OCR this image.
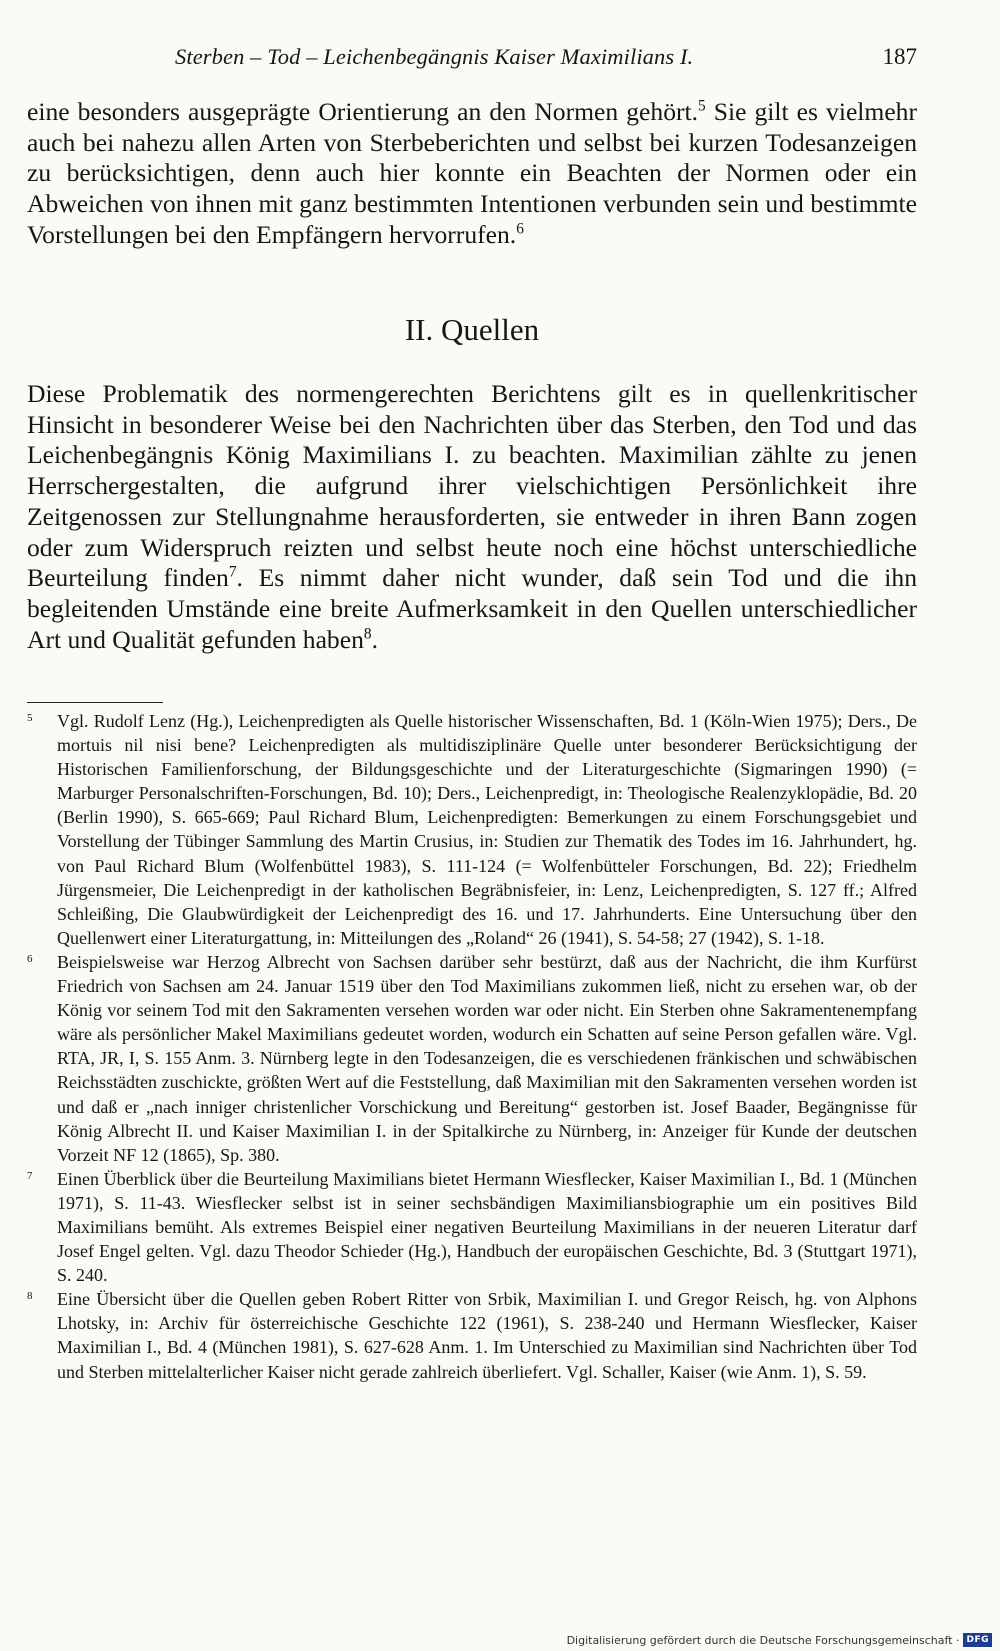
Sterben – Tod – Leichenbegängnis Kaiser Maximilians I.	187

eine besonders ausgeprägte Orientierung an den Normen gehört.$^5$ Sie gilt es vielmehr auch bei nahezu allen Arten von Sterbeberichten und selbst bei kurzen Todesanzeigen zu berücksichtigen, denn auch hier konnte ein Beachten der Normen oder ein Abweichen von ihnen mit ganz bestimmten Intentionen verbunden sein und bestimmte Vorstellungen bei den Empfängern hervorrufen.$^6$

II. Quellen

Diese Problematik des normengerechten Berichtens gilt es in quellenkritischer Hinsicht in besonderer Weise bei den Nachrichten über das Sterben, den Tod und das Leichenbegängnis König Maximilians I. zu beachten. Maximilian zählte zu jenen Herrschergestalten, die aufgrund ihrer vielschichtigen Persönlichkeit ihre Zeitgenossen zur Stellungnahme herausforderten, sie entweder in ihren Bann zogen oder zum Widerspruch reizten und selbst heute noch eine höchst unterschiedliche Beurteilung finden$^7$. Es nimmt daher nicht wunder, daß sein Tod und die ihn begleitenden Umstände eine breite Aufmerksamkeit in den Quellen unterschiedlicher Art und Qualität gefunden haben$^8$.

5 Vgl. Rudolf Lenz (Hg.), Leichenpredigten als Quelle historischer Wissenschaften, Bd. 1 (Köln-Wien 1975); Ders., De mortuis nil nisi bene? Leichenpredigten als multidisziplinäre Quelle unter besonderer Berücksichtigung der Historischen Familienforschung, der Bildungsgeschichte und der Literaturgeschichte (Sigmaringen 1990) (= Marburger Personalschriften-Forschungen, Bd. 10); Ders., Leichenpredigt, in: Theologische Realenzyklopädie, Bd. 20 (Berlin 1990), S. 665-669; Paul Richard Blum, Leichenpredigten: Bemerkungen zu einem Forschungsgebiet und Vorstellung der Tübinger Sammlung des Martin Crusius, in: Studien zur Thematik des Todes im 16. Jahrhundert, hg. von Paul Richard Blum (Wolfenbüttel 1983), S. 111-124 (= Wolfenbütteler Forschungen, Bd. 22); Friedhelm Jürgensmeier, Die Leichenpredigt in der katholischen Begräbnisfeier, in: Lenz, Leichenpredigten, S. 127 ff.; Alfred Schleißing, Die Glaubwürdigkeit der Leichenpredigt des 16. und 17. Jahrhunderts. Eine Untersuchung über den Quellenwert einer Literaturgattung, in: Mitteilungen des „Roland“ 26 (1941), S. 54-58; 27 (1942), S. 1-18.

6 Beispielsweise war Herzog Albrecht von Sachsen darüber sehr bestürzt, daß aus der Nachricht, die ihm Kurfürst Friedrich von Sachsen am 24. Januar 1519 über den Tod Maximilians zukommen ließ, nicht zu ersehen war, ob der König vor seinem Tod mit den Sakramenten versehen worden war oder nicht. Ein Sterben ohne Sakramentenempfang wäre als persönlicher Makel Maximilians gedeutet worden, wodurch ein Schatten auf seine Person gefallen wäre. Vgl. RTA, JR, I, S. 155 Anm. 3. Nürnberg legte in den Todesanzeigen, die es verschiedenen fränkischen und schwäbischen Reichsstädten zuschickte, größten Wert auf die Feststellung, daß Maximilian mit den Sakramenten versehen worden ist und daß er „nach inniger christenlicher Vorschickung und Bereitung“ gestorben ist. Josef Baader, Begängnisse für König Albrecht II. und Kaiser Maximilian I. in der Spitalkirche zu Nürnberg, in: Anzeiger für Kunde der deutschen Vorzeit NF 12 (1865), Sp. 380.

7 Einen Überblick über die Beurteilung Maximilians bietet Hermann Wiesflecker, Kaiser Maximilian I., Bd. 1 (München 1971), S. 11-43. Wiesflecker selbst ist in seiner sechsbändigen Maximiliansbiographie um ein positives Bild Maximilians bemüht. Als extremes Beispiel einer negativen Beurteilung Maximilians in der neueren Literatur darf Josef Engel gelten. Vgl. dazu Theodor Schieder (Hg.), Handbuch der europäischen Geschichte, Bd. 3 (Stuttgart 1971), S. 240.

8 Eine Übersicht über die Quellen geben Robert Ritter von Srbik, Maximilian I. und Gregor Reisch, hg. von Alphons Lhotsky, in: Archiv für österreichische Geschichte 122 (1961), S. 238-240 und Hermann Wiesflecker, Kaiser Maximilian I., Bd. 4 (München 1981), S. 627-628 Anm. 1. Im Unterschied zu Maximilian sind Nachrichten über Tod und Sterben mittelalterlicher Kaiser nicht gerade zahlreich überliefert. Vgl. Schaller, Kaiser (wie Anm. 1), S. 59.

Digitalisierung gefördert durch die Deutsche Forschungsgemeinschaft · DFG
